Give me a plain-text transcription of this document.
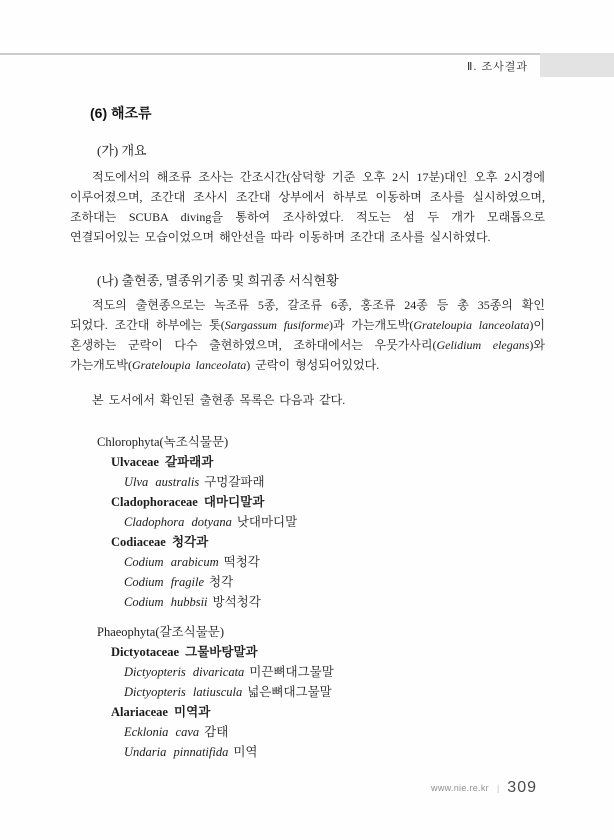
Ⅱ. 조사결과
(6) 해조류
(가) 개요
적도에서의 해조류 조사는 간조시간(삼덕항 기준 오후 2시 17분)대인 오후 2시경에
이루어졌으며, 조간대 조사시 조간대 상부에서 하부로 이동하며 조사를 실시하였으며,
조하대는 SCUBA diving을 통하여 조사하였다. 적도는 섬 두 개가 모래톱으로
연결되어있는 모습이었으며 해안선을 따라 이동하며 조간대 조사를 실시하였다.
(나) 출현종, 멸종위기종 및 희귀종 서식현황
적도의 출현종으로는 녹조류 5종, 갈조류 6종, 홍조류 24종 등 총 35종의 확인
되었다. 조간대 하부에는 톳(Sargassum fusiforme)과 가는개도박(Grateloupia lanceolata)이
혼생하는 군락이 다수 출현하였으며, 조하대에서는 우뭇가사리(Gelidium elegans)와
가는개도박(Grateloupia lanceolata) 군락이 형성되어있었다.
본 도서에서 확인된 출현종 목록은 다음과 같다.
Chlorophyta(녹조식물문)
Ulvaceae 갈파래과
Ulva australis 구멍갈파래
Cladophoraceae 대마디말과
Cladophora dotyana 낫대마디말
Codiaceae 청각과
Codium arabicum 떡청각
Codium fragile 청각
Codium hubbsii 방석청각
Phaeophyta(갈조식물문)
Dictyotaceae 그물바탕말과
Dictyopteris divaricata 미끈뼈대그물말
Dictyopteris latiuscula 넓은뼈대그물말
Alariaceae 미역과
Ecklonia cava 감태
Undaria pinnatifida 미역
www.nie.re.kr | 309
